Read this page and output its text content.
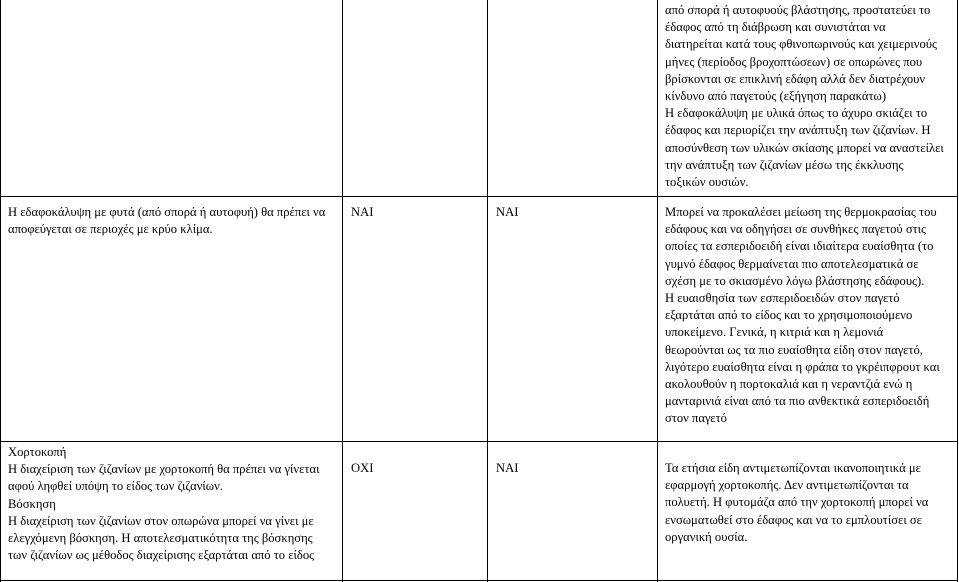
από σπορά ή αυτοφυούς βλάστησης, προστατεύει το
έδαφος από τη διάβρωση και συνιστάται να
διατηρείται κατά τους φθινοπωρινούς και χειμερινούς
μήνες (περίοδος βροχοπτώσεων) σε οπωρώνες που
βρίσκονται σε επικλινή εδάφη αλλά δεν διατρέχουν
κίνδυνο από παγετούς (εξήγηση παρακάτω)
Η εδαφοκάλυψη με υλικά όπως το άχυρο σκιάζει το
έδαφος και περιορίζει την ανάπτυξη των ζιζανίων. Η
αποσύνθεση των υλικών σκίασης μπορεί να αναστείλει
την ανάπτυξη των ζιζανίων μέσω της έκκλυσης
τοξικών ουσιών.
Η εδαφοκάλυψη με φυτά (από σπορά ή αυτοφυή) θα πρέπει να
αποφεύγεται σε περιοχές με κρύο κλίμα.
ΝΑΙ	ΝΑΙ	Μπορεί να προκαλέσει μείωση της θερμοκρασίας του
εδάφους και να οδηγήσει σε συνθήκες παγετού στις
οποίες τα εσπεριδοειδή είναι ιδιαίτερα ευαίσθητα (το
γυμνό έδαφος θερμαίνεται πιο αποτελεσματικά σε
σχέση με το σκιασμένο λόγω βλάστησης εδάφους).
Η ευαισθησία των εσπεριδοειδών στον παγετό
εξαρτάται από το είδος και το χρησιμοποιούμενο
υποκείμενο. Γενικά, η κιτριά και η λεμονιά
θεωρούνται ως τα πιο ευαίσθητα είδη στον παγετό,
λιγότερο ευαίσθητα είναι η φράπα το γκρέιπφρουτ και
ακολουθούν η πορτοκαλιά και η νεραντζιά ενώ η
μανταρινιά είναι από τα πιο ανθεκτικά εσπεριδοειδή
στον παγετό
Χορτοκοπή
Η διαχείριση των ζιζανίων με χορτοκοπή θα πρέπει να γίνεται
αφού ληφθεί υπόψη το είδος των ζιζανίων.
Βόσκηση
Η διαχείριση των ζιζανίων στον οπωρώνα μπορεί να γίνει με
ελεγχόμενη βόσκηση. Η αποτελεσματικότητα της βόσκησης
των ζιζανίων ως μέθοδος διαχείρισης εξαρτάται από το είδος
ΟΧΙ	ΝΑΙ	Τα ετήσια είδη αντιμετωπίζονται ικανοποιητικά με
εφαρμογή χορτοκοπής. Δεν αντιμετωπίζονται τα
πολυετή. Η φυτομάζα από την χορτοκοπή μπορεί να
ενσωματωθεί στο έδαφος και να το εμπλουτίσει σε
οργανική ουσία.
